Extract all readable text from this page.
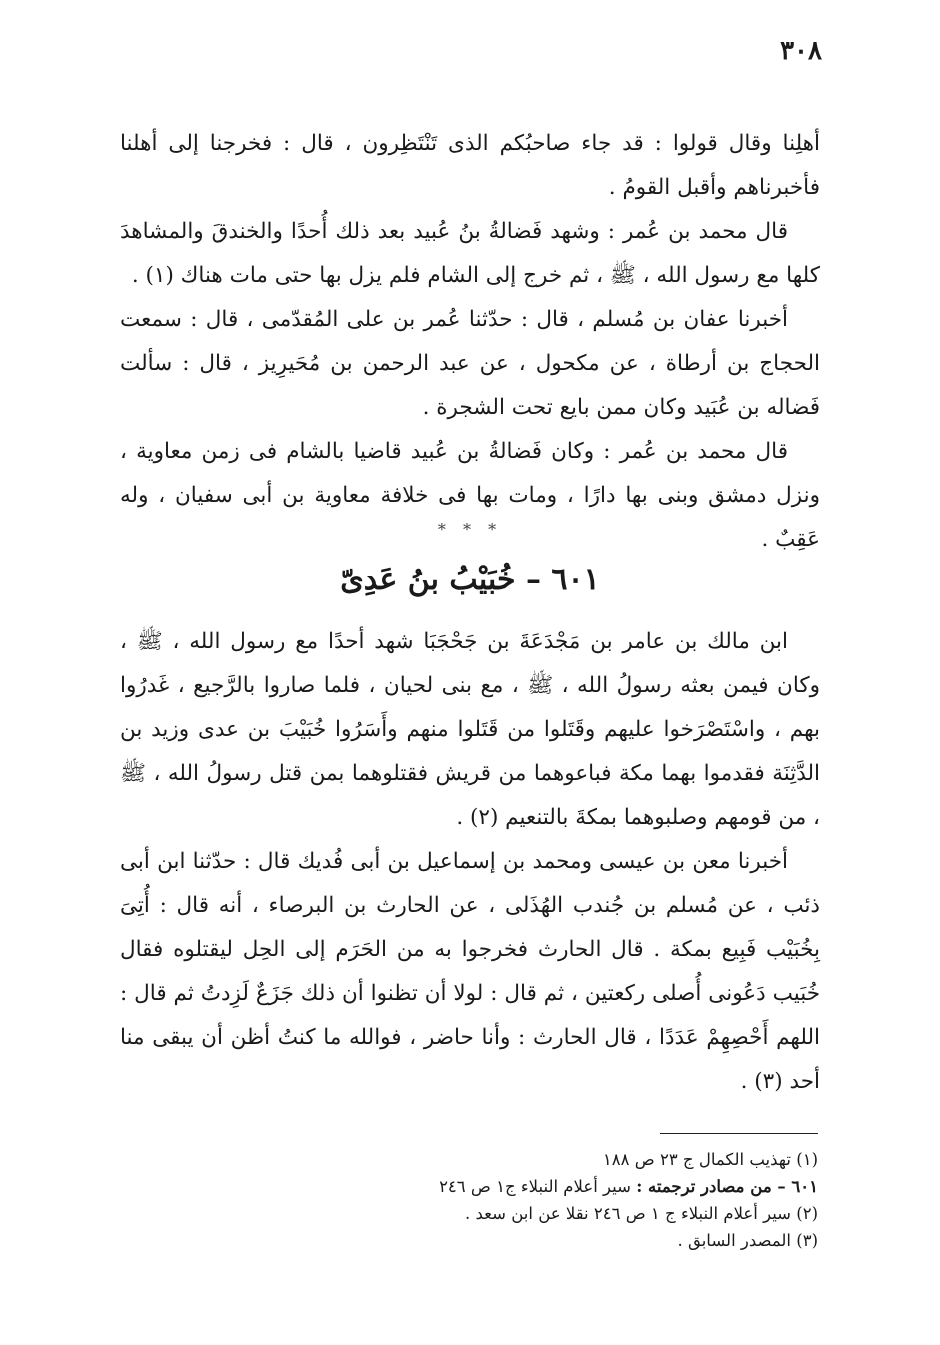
٣٠٨

أهلِنا وقال قولوا : قد جاء صاحبُكم الذى تَنْتَظِرون ، قال : فخرجنا إلى أهلنا فأخبرناهم وأقبل القومُ .

قال محمد بن عُمر : وشهد فَضالةُ بنُ عُبيد بعد ذلك أُحدًا والخندقَ والمشاهدَ كلها مع رسول الله ، ﷺ ، ثم خرج إلى الشام فلم يزل بها حتى مات هناك (١) .

أخبرنا عفان بن مُسلم ، قال : حدّثنا عُمر بن على المُقدّمى ، قال : سمعت الحجاج بن أرطاة ، عن مكحول ، عن عبد الرحمن بن مُحَيرِيز ، قال : سألت فَضاله بن عُبَيد وكان ممن بايع تحت الشجرة .

قال محمد بن عُمر : وكان فَضالةُ بن عُبيد قاضيا بالشام فى زمن معاوية ، ونزل دمشق وبنى بها دارًا ، ومات بها فى خلافة معاوية بن أبى سفيان ، وله عَقِبٌ .

* * *
٦٠١ – خُبَيْبُ بنُ عَدِىّ

ابن مالك بن عامر بن مَجْدَعَةَ بن جَحْجَبَا شهد أحدًا مع رسول الله ، ﷺ ، وكان فيمن بعثه رسولُ الله ، ﷺ ، مع بنى لحيان ، فلما صاروا بالرَّجيع ، غَدرُوا بهم ، واسْتَصْرَخوا عليهم وقَتَلوا من قَتَلوا منهم وأَسَرُوا خُبَيْبَ بن عدى وزيد بن الدَّثِنَة فقدموا بهما مكة فباعوهما من قريش فقتلوهما بمن قتل رسولُ الله ، ﷺ ، من قومهم وصلبوهما بمكةَ بالتنعيم (٢) .

أخبرنا معن بن عيسى ومحمد بن إسماعيل بن أبى فُديك قال : حدّثنا ابن أبى ذئب ، عن مُسلم بن جُندب الهُذَلى ، عن الحارث بن البرصاء ، أنه قال : أُتِىَ بِخُبَيْب فَبِيع بمكة . قال الحارث فخرجوا به من الحَرَم إلى الحِل ليقتلوه فقال خُبَيب دَعُونى أُصلى ركعتين ، ثم قال : لولا أن تظنوا أن ذلك جَزَعٌ لَزِدتُ ثم قال : اللهم أَحْصِهِمْ عَدَدًا ، قال الحارث : وأنا حاضر ، فوالله ما كنتُ أظن أن يبقى منا أحد (٣) .

(١) تهذيب الكمال ج ٢٣ ص ١٨٨

٦٠١ – من مصادر ترجمته : سير أعلام النبلاء ج١ ص ٢٤٦

(٢) سير أعلام النبلاء ج ١ ص ٢٤٦ نقلا عن ابن سعد .

(٣) المصدر السابق .
